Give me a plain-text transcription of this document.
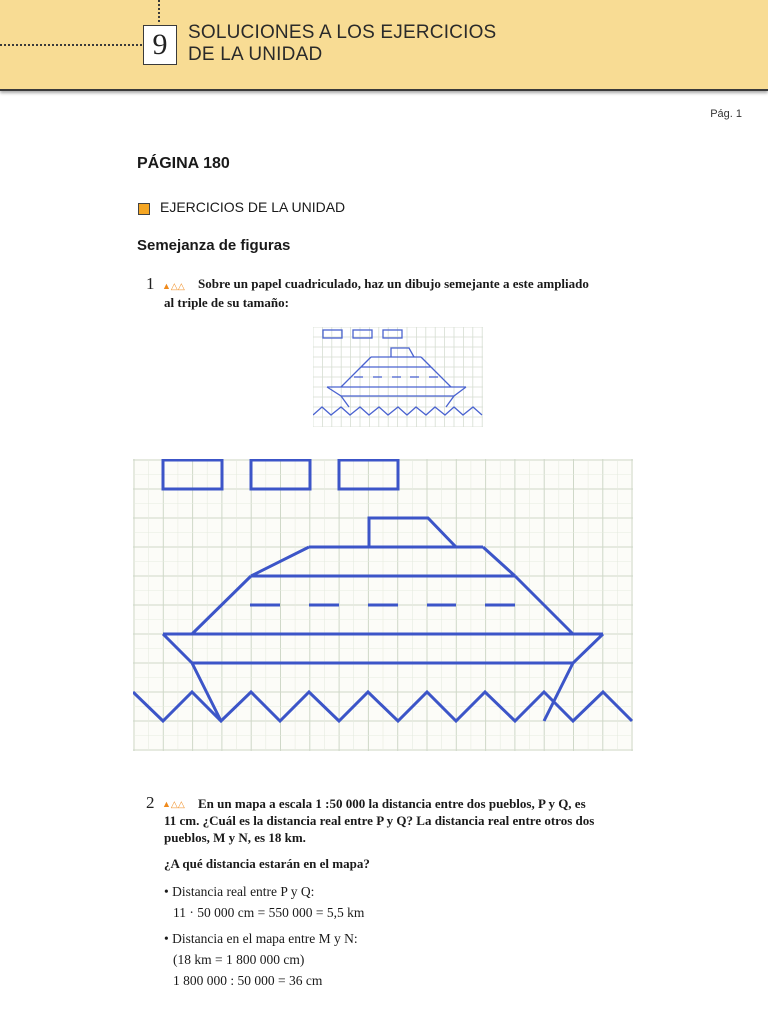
9	SOLUCIONES A LOS EJERCICIOS
DE LA UNIDAD
Pág. 1
PÁGINA 180
EJERCICIOS DE LA UNIDAD
Semejanza de figuras
1 ▲△△ Sobre un papel cuadriculado, haz un dibujo semejante a este ampliado
al triple de su tamaño:
2 ▲△△ En un mapa a escala 1 :50 000 la distancia entre dos pueblos, P y Q, es
11 cm. ¿Cuál es la distancia real entre P y Q? La distancia real entre otros dos
pueblos, M y N, es 18 km.
¿A qué distancia estarán en el mapa?
• Distancia real entre P y Q:
11 · 50 000 cm = 550 000 = 5,5 km
• Distancia en el mapa entre M y N:
(18 km = 1 800 000 cm)
1 800 000 : 50 000 = 36 cm
